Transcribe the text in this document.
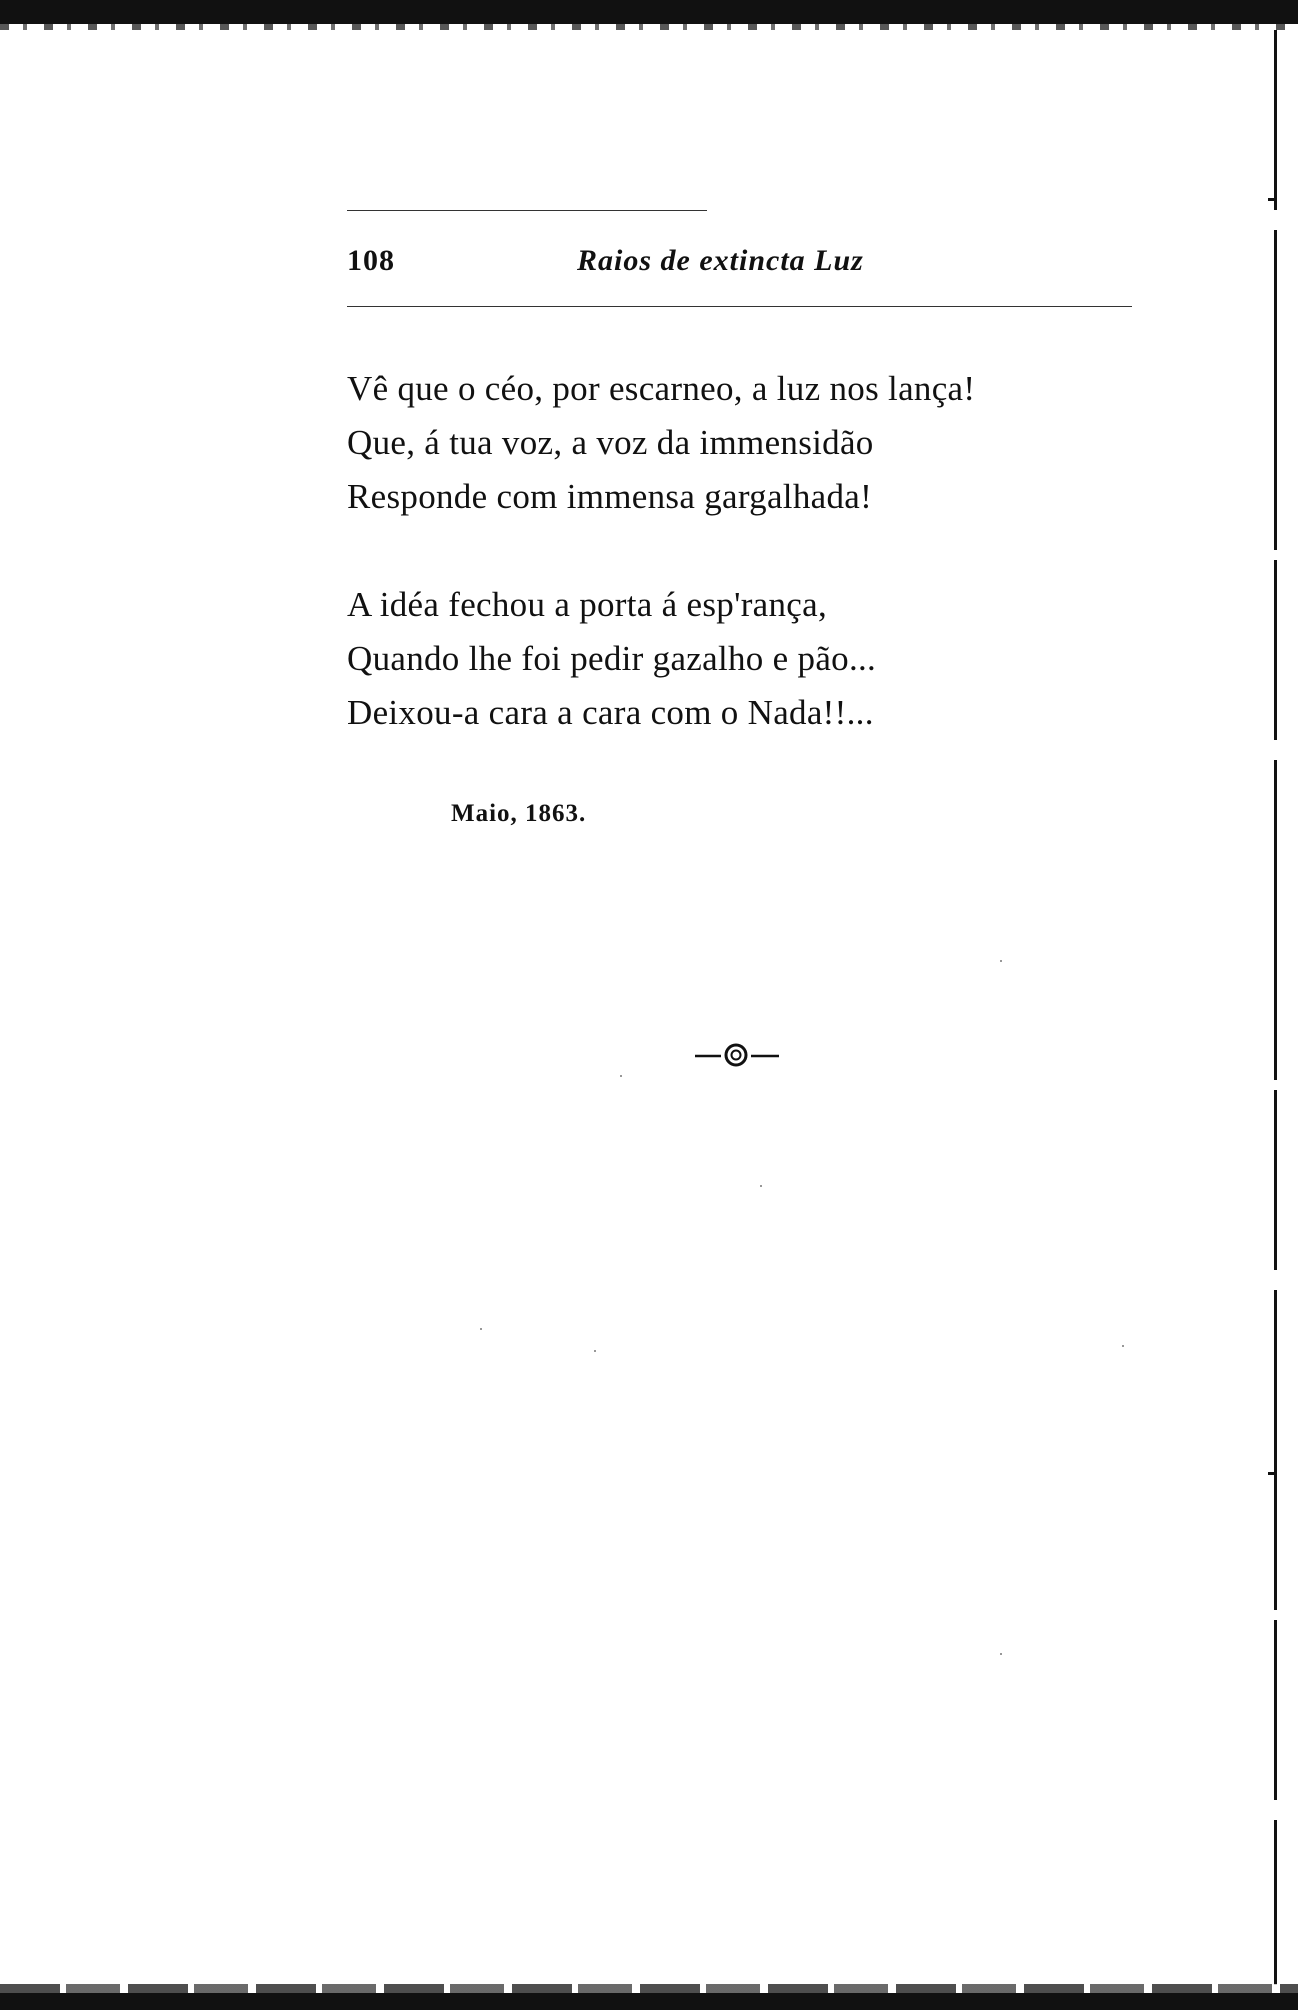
108	Raios de extincta Luz
Vê que o céo, por escarneo, a luz nos lança!
Que, á tua voz, a voz da immensidão
Responde com immensa gargalhada!
A idéa fechou a porta á esp'rança,
Quando lhe foi pedir gazalho e pão...
Deixou-a cara a cara com o Nada!!...
Maio, 1863.
